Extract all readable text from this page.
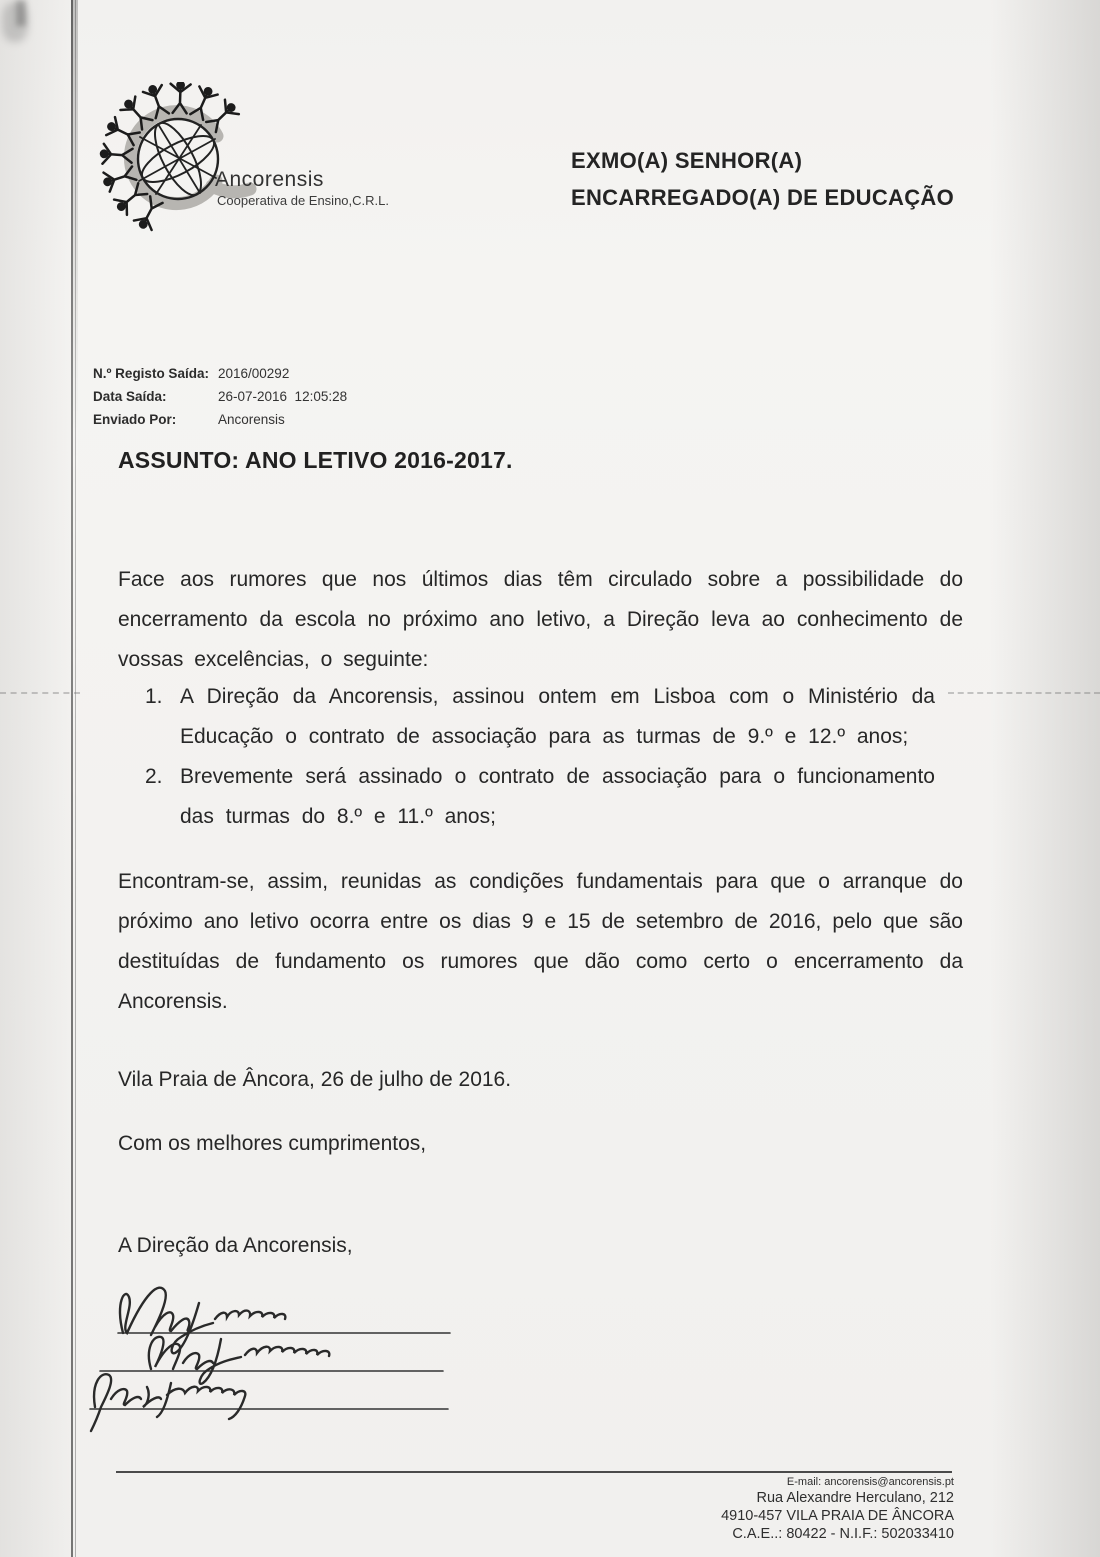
Ancorensis
Cooperativa de Ensino,C.R.L.
EXMO(A) SENHOR(A)
ENCARREGADO(A) DE EDUCAÇÃO
N.º Registo Saída: 2016/00292
Data Saída:	26-07-2016  12:05:28
Enviado Por:	Ancorensis
ASSUNTO: ANO LETIVO 2016-2017.
Face aos rumores que nos últimos dias têm circulado sobre a possibilidade do encerramento da escola no próximo ano letivo, a Direção leva ao conhecimento de vossas excelências, o seguinte:
1. A Direção da Ancorensis, assinou ontem em Lisboa com o Ministério da Educação o contrato de associação para as turmas de 9.º e 12.º anos;
2. Brevemente será assinado o contrato de associação para o funcionamento das turmas do 8.º e 11.º anos;
Encontram-se, assim, reunidas as condições fundamentais para que o arranque do próximo ano letivo ocorra entre os dias 9 e 15 de setembro de 2016, pelo que são destituídas de fundamento os rumores que dão como certo o encerramento da Ancorensis.
Vila Praia de Âncora, 26 de julho de 2016.
Com os melhores cumprimentos,
A Direção da Ancorensis,
E-mail: ancorensis@ancorensis.pt
Rua Alexandre Herculano, 212
4910-457 VILA PRAIA DE ÂNCORA
C.A.E..: 80422 - N.I.F.: 502033410
